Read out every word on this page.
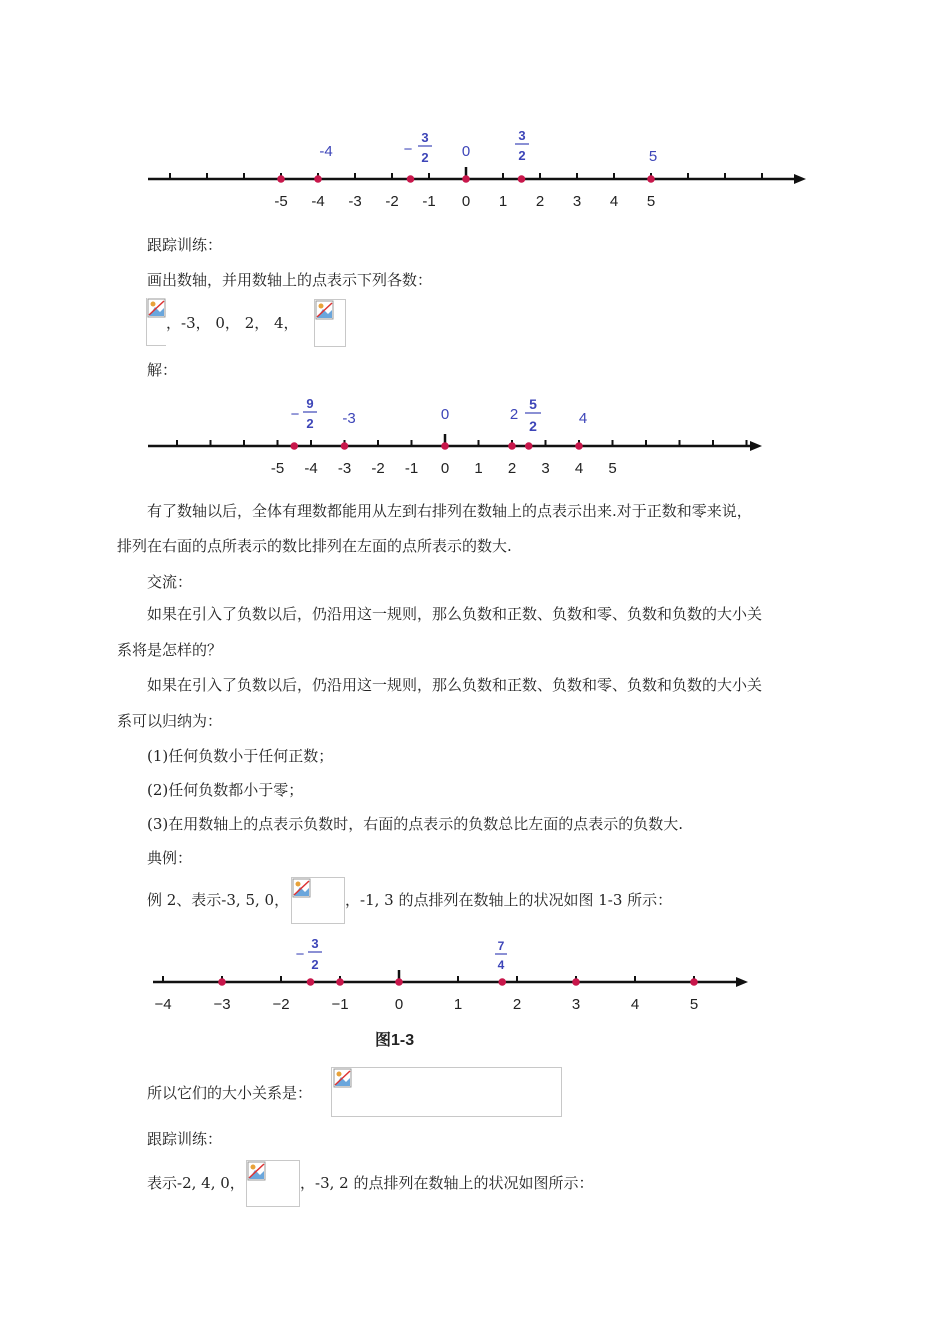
-5 -4 -3 -2 -1 0 1 2 3 4 5
-4	−
3
2 0
3
2	5
跟踪训练：
画出数轴，并用数轴上的点表示下列各数：
，-3， 0， 2， 4，
解：
-5 -4 -3 -2 -1 0 1 2 3 4 5
−
9
2 -3	0	2
5
2	4
有了数轴以后，全体有理数都能用从左到右排列在数轴上的点表示出来.对于正数和零来说，
排列在右面的点所表示的数比排列在左面的点所表示的数大.
交流：
如果在引入了负数以后，仍沿用这一规则，那么负数和正数、负数和零、负数和负数的大小关
系将是怎样的？
如果在引入了负数以后，仍沿用这一规则，那么负数和正数、负数和零、负数和负数的大小关
系可以归纳为：
(1)任何负数小于任何正数；
(2)任何负数都小于零；
(3)在用数轴上的点表示负数时，右面的点表示的负数总比左面的点表示的负数大.
典例：
例 2、表示-3, 5, 0，	，-1, 3 的点排列在数轴上的状况如图 1-3 所示：
−4	−3	−2	−1	0	1	2	3	4	5
−
3
2
7
4
图1-3
所以它们的大小关系是：
跟踪训练：
表示-2, 4, 0，	，-3, 2 的点排列在数轴上的状况如图所示：
